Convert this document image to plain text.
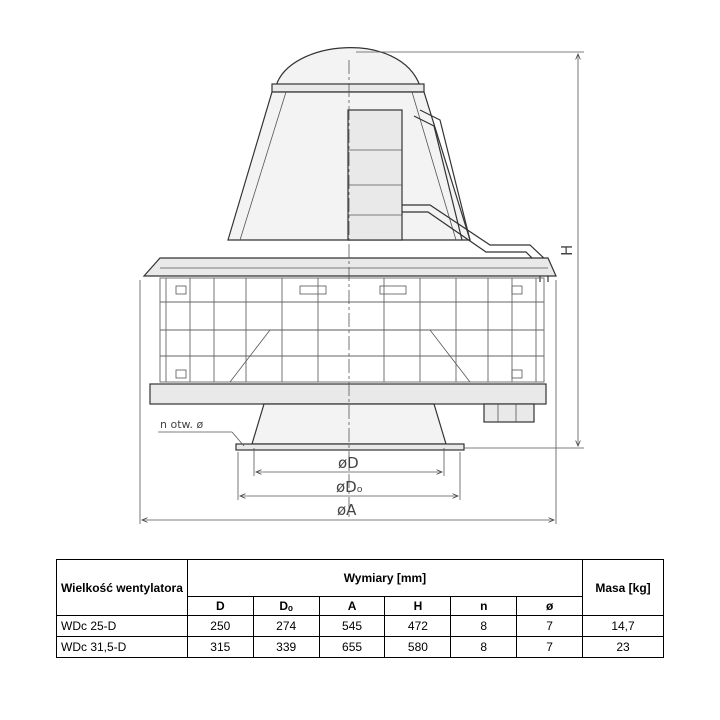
n otw. ø
øD
øDₒ
øA
H
Wielkość wentylatora	Wymiary [mm]						Masa [kg]
	D	Dₒ	A	H	n	ø	
WDc 25-D	250	274	545	472	8	7	14,7
WDc 31,5-D	315	339	655	580	8	7	23
